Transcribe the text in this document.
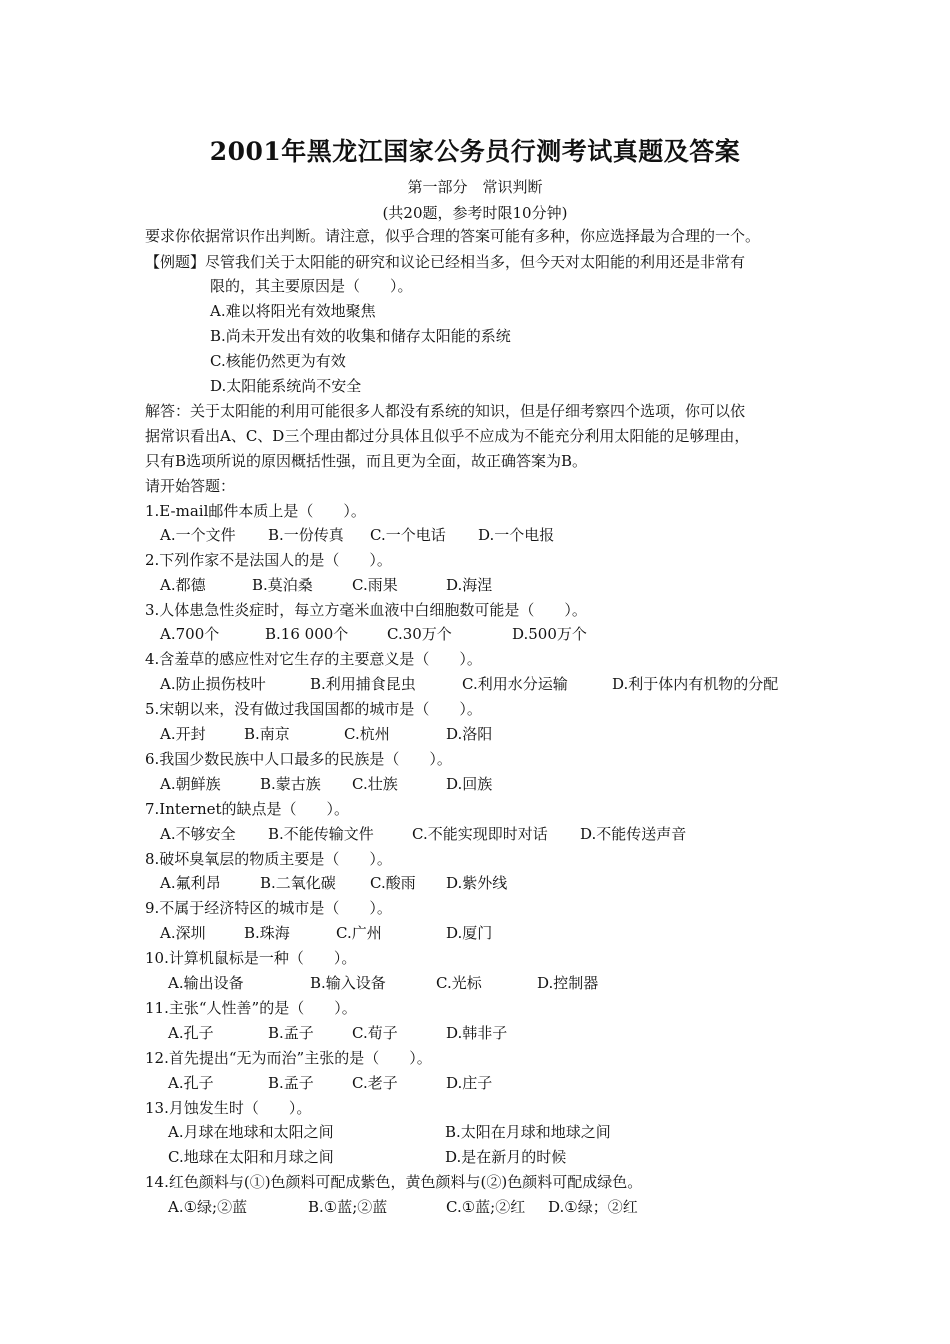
2001年黑龙江国家公务员行测考试真题及答案
第一部分　常识判断
(共20题，参考时限10分钟)
要求你依据常识作出判断。请注意，似乎合理的答案可能有多种，你应选择最为合理的一个。
【例题】尽管我们关于太阳能的研究和议论已经相当多，但今天对太阳能的利用还是非常有
限的，其主要原因是（　　）。
A.难以将阳光有效地聚焦
B.尚未开发出有效的收集和储存太阳能的系统
C.核能仍然更为有效
D.太阳能系统尚不安全
解答：关于太阳能的利用可能很多人都没有系统的知识，但是仔细考察四个选项，你可以依
据常识看出A、C、D三个理由都过分具体且似乎不应成为不能充分利用太阳能的足够理由，
只有B选项所说的原因概括性强，而且更为全面，故正确答案为B。
请开始答题：
1.E-mail邮件本质上是（　　）。
A.一个文件 B.一份传真 C.一个电话 D.一个电报
2.下列作家不是法国人的是（　　）。
A.都德	B.莫泊桑	C.雨果	D.海涅
3.人体患急性炎症时，每立方毫米血液中白细胞数可能是（　　）。
A.700个	B.16 000个	C.30万个	D.500万个
4.含羞草的感应性对它生存的主要意义是（　　）。
A.防止损伤枝叶	B.利用捕食昆虫	C.利用水分运输	D.利于体内有机物的分配
5.宋朝以来，没有做过我国国都的城市是（　　）。
A.开封	B.南京	C.杭州	D.洛阳
6.我国少数民族中人口最多的民族是（　　）。
A.朝鲜族	B.蒙古族 C.壮族	D.回族
7.Internet的缺点是（　　）。
A.不够安全 B.不能传输文件	C.不能实现即时对话 D.不能传送声音
8.破坏臭氧层的物质主要是（　　）。
A.氟利昂	B.二氧化碳 C.酸雨 D.紫外线
9.不属于经济特区的城市是（　　）。
A.深圳	B.珠海	C.广州	D.厦门
10.计算机鼠标是一种（　　）。
A.输出设备	B.输入设备	C.光标	D.控制器
11.主张“人性善”的是（　　）。
A.孔子	B.孟子	C.荀子	D.韩非子
12.首先提出“无为而治”主张的是（　　）。
A.孔子	B.孟子	C.老子	D.庄子
13.月蚀发生时（　　）。
A.月球在地球和太阳之间	B.太阳在月球和地球之间
C.地球在太阳和月球之间	D.是在新月的时候
14.红色颜料与(①)色颜料可配成紫色，黄色颜料与(②)色颜料可配成绿色。
A.①绿;②蓝	B.①蓝;②蓝	C.①蓝;②红 D.①绿；②红
